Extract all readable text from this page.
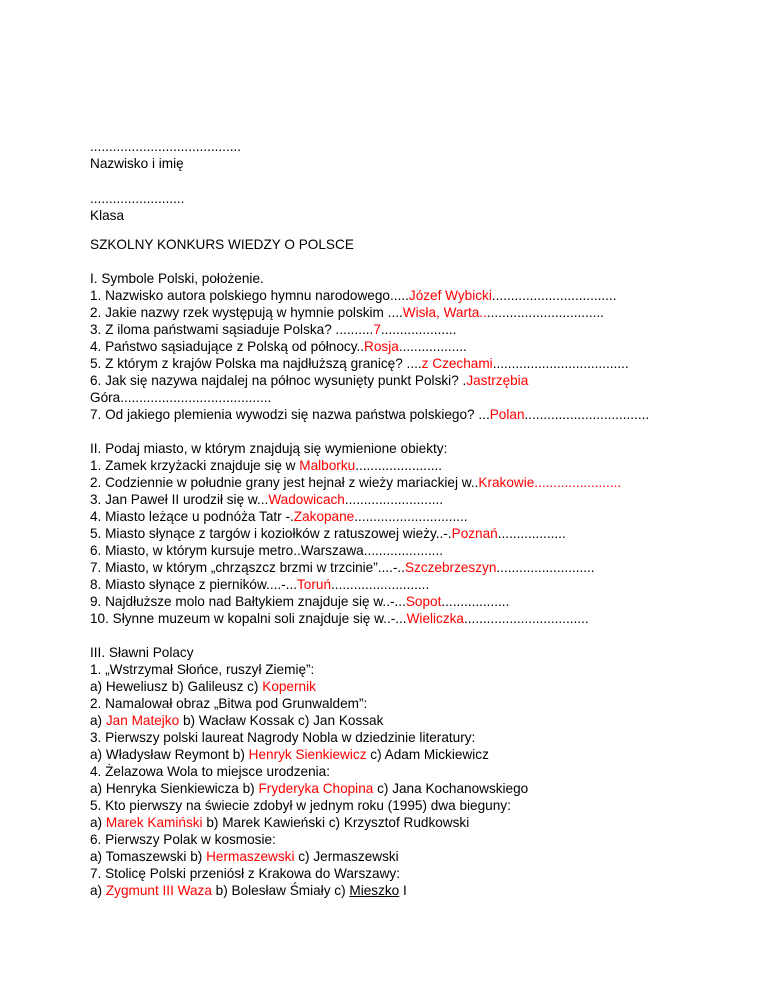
........................................
Nazwisko i imię
.........................
Klasa
SZKOLNY KONKURS WIEDZY O POLSCE
I. Symbole Polski, położenie.
1. Nazwisko autora polskiego hymnu narodowego.....Józef Wybicki.................................
2. Jakie nazwy rzek występują w hymnie polskim ....Wisła, Warta.................................
3. Z iloma państwami sąsiaduje Polska? ..........7....................
4. Państwo sąsiadujące z Polską od północy..Rosja..................
5. Z którym z krajów Polska ma najdłuższą granicę? ....z Czechami....................................
6. Jak się nazywa najdalej na północ wysunięty punkt Polski? .Jastrzębia
Góra........................................
7. Od jakiego plemienia wywodzi się nazwa państwa polskiego? ...Polan.................................
II. Podaj miasto, w którym znajdują się wymienione obiekty:
1. Zamek krzyżacki znajduje się w Malborku.......................
2. Codziennie w południe grany jest hejnał z wieży mariackiej w..Krakowie.......................
3. Jan Paweł II urodził się w...Wadowicach..........................
4. Miasto leżące u podnóża Tatr -.Zakopane..............................
5. Miasto słynące z targów i koziołków z ratuszowej wieży..-.Poznań..................
6. Miasto, w którym kursuje metro..Warszawa.....................
7. Miasto, w którym „chrząszcz brzmi w trzcinie”....-..Szczebrzeszyn..........................
8. Miasto słynące z pierników....-...Toruń..........................
9. Najdłuższe molo nad Bałtykiem znajduje się w..-...Sopot..................
10. Słynne muzeum w kopalni soli znajduje się w..-...Wieliczka.................................
III. Sławni Polacy
1. „Wstrzymał Słońce, ruszył Ziemię”:
a) Heweliusz b) Galileusz c) Kopernik
2. Namalował obraz „Bitwa pod Grunwaldem”:
a) Jan Matejko b) Wacław Kossak c) Jan Kossak
3. Pierwszy polski laureat Nagrody Nobla w dziedzinie literatury:
a) Władysław Reymont b) Henryk Sienkiewicz c) Adam Mickiewicz
4. Żelazowa Wola to miejsce urodzenia:
a) Henryka Sienkiewicza b) Fryderyka Chopina c) Jana Kochanowskiego
5. Kto pierwszy na świecie zdobył w jednym roku (1995) dwa bieguny:
a) Marek Kamiński b) Marek Kawieński c) Krzysztof Rudkowski
6. Pierwszy Polak w kosmosie:
a) Tomaszewski b) Hermaszewski c) Jermaszewski
7. Stolicę Polski przeniósł z Krakowa do Warszawy:
a) Zygmunt III Waza b) Bolesław Śmiały c) Mieszko I
